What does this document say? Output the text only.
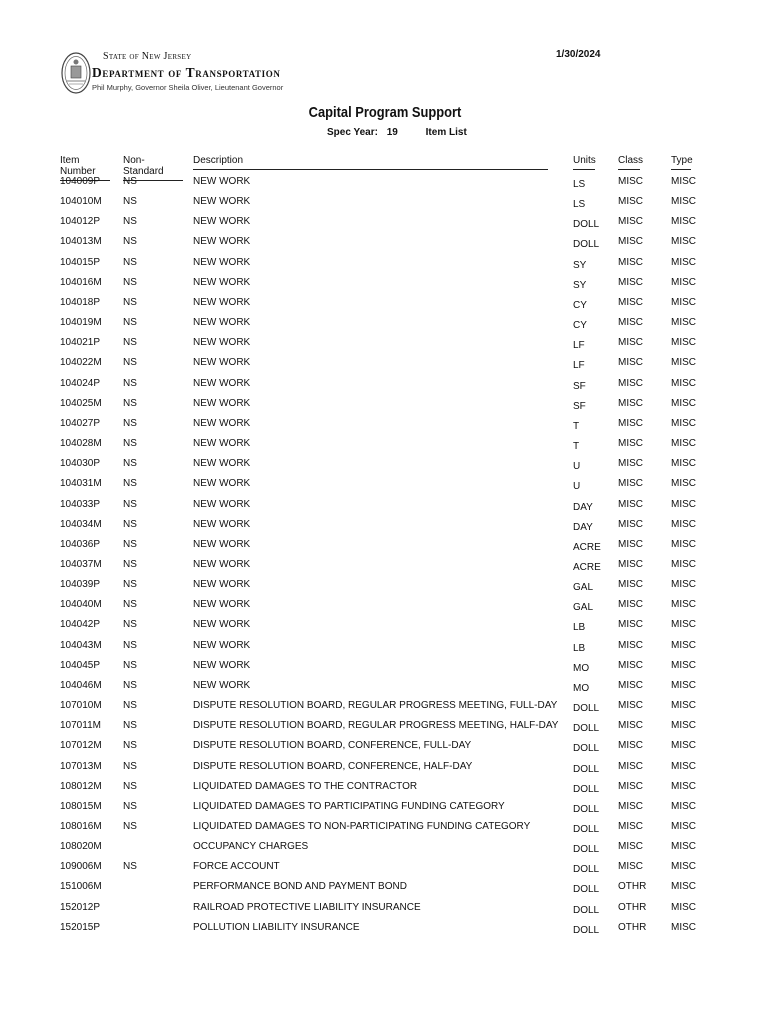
State of New Jersey
Department of Transportation
Phil Murphy, Governor Sheila Oliver, Lieutenant Governor
1/30/2024
Capital Program Support
Spec Year: 19	Item List
Item Number
Non-Standard
Description	Units Class	Type
104009P NS	NEW WORK	LS	MISC	MISC
104010M NS	NEW WORK	LS	MISC	MISC
104012P NS	NEW WORK	DOLL MISC	MISC
104013M NS	NEW WORK	DOLL MISC	MISC
104015P NS	NEW WORK	SY	MISC	MISC
104016M NS	NEW WORK	SY	MISC	MISC
104018P NS	NEW WORK	CY	MISC	MISC
104019M NS	NEW WORK	CY	MISC	MISC
104021P NS	NEW WORK	LF	MISC	MISC
104022M NS	NEW WORK	LF	MISC	MISC
104024P NS	NEW WORK	SF	MISC	MISC
104025M NS	NEW WORK	SF	MISC	MISC
104027P NS	NEW WORK	T	MISC	MISC
104028M NS	NEW WORK	T	MISC	MISC
104030P NS	NEW WORK	U	MISC	MISC
104031M NS	NEW WORK	U	MISC	MISC
104033P NS	NEW WORK	DAY	MISC	MISC
104034M NS	NEW WORK	DAY	MISC	MISC
104036P NS	NEW WORK	ACRE MISC	MISC
104037M NS	NEW WORK	ACRE MISC	MISC
104039P NS	NEW WORK	GAL MISC	MISC
104040M NS	NEW WORK	GAL MISC	MISC
104042P NS	NEW WORK	LB	MISC	MISC
104043M NS	NEW WORK	LB	MISC	MISC
104045P NS	NEW WORK	MO	MISC	MISC
104046M NS	NEW WORK	MO	MISC	MISC
107010M NS	DISPUTE RESOLUTION BOARD, REGULAR PROGRESS MEETING, FULL-DAY DOLL MISC	MISC
107011M NS	DISPUTE RESOLUTION BOARD, REGULAR PROGRESS MEETING, HALF-DAY DOLL MISC	MISC
107012M NS	DISPUTE RESOLUTION BOARD, CONFERENCE, FULL-DAY	DOLL MISC	MISC
107013M NS	DISPUTE RESOLUTION BOARD, CONFERENCE, HALF-DAY	DOLL MISC	MISC
108012M NS	LIQUIDATED DAMAGES TO THE CONTRACTOR	DOLL MISC	MISC
108015M NS	LIQUIDATED DAMAGES TO PARTICIPATING FUNDING CATEGORY	DOLL MISC	MISC
108016M NS	LIQUIDATED DAMAGES TO NON-PARTICIPATING FUNDING CATEGORY	DOLL MISC	MISC
108020M	OCCUPANCY CHARGES	DOLL MISC	MISC
109006M NS	FORCE ACCOUNT	DOLL MISC	MISC
151006M	PERFORMANCE BOND AND PAYMENT BOND	DOLL OTHR MISC
152012P	RAILROAD PROTECTIVE LIABILITY INSURANCE	DOLL OTHR MISC
152015P	POLLUTION LIABILITY INSURANCE	DOLL OTHR MISC
